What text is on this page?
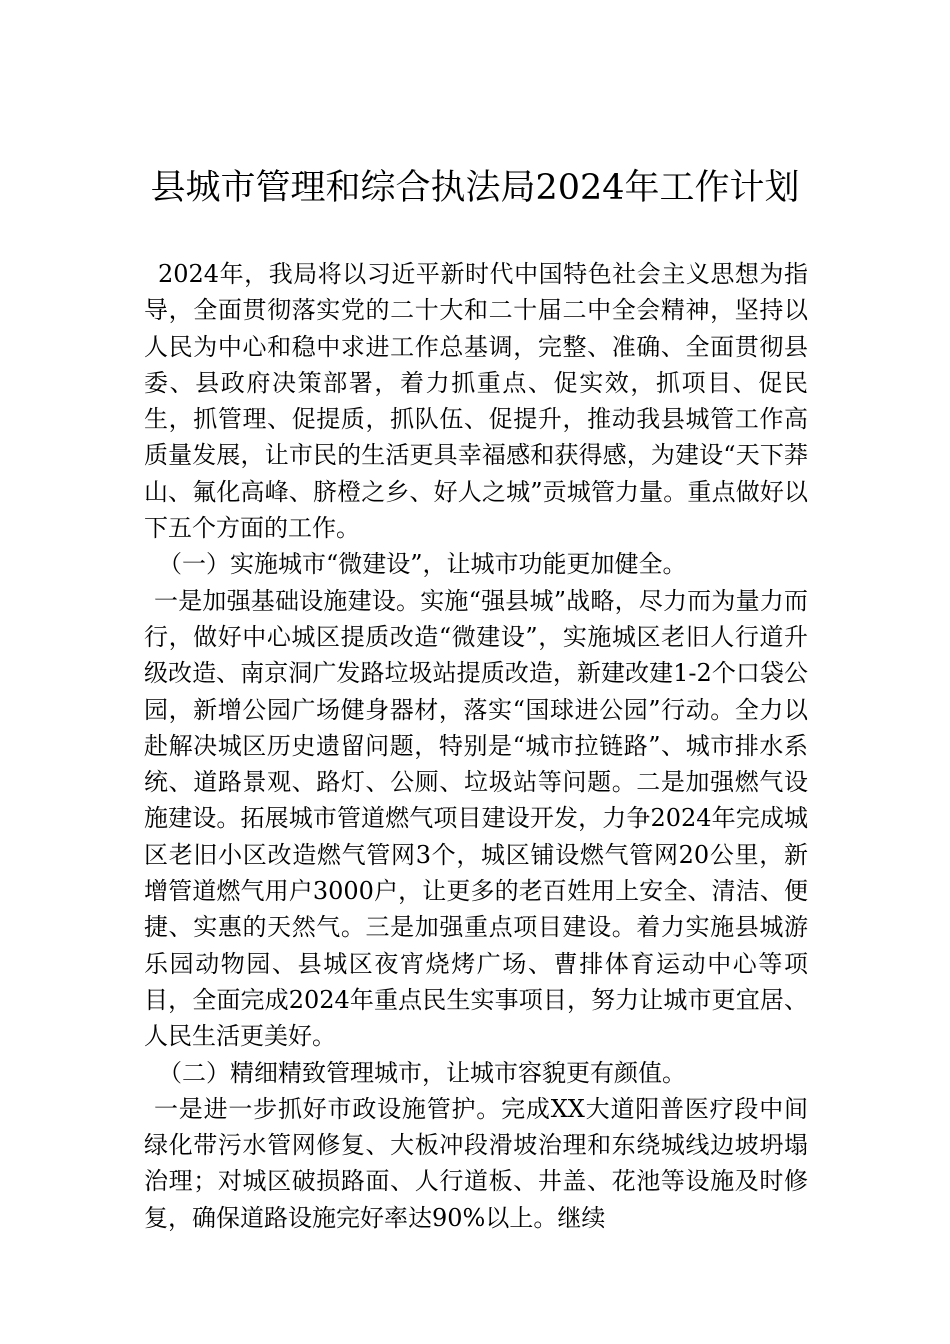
县城市管理和综合执法局2024年工作计划

2024年，我局将以习近平新时代中国特色社会主义思想为指导，全面贯彻落实党的二十大和二十届二中全会精神，坚持以人民为中心和稳中求进工作总基调，完整、准确、全面贯彻县委、县政府决策部署，着力抓重点、促实效，抓项目、促民生，抓管理、促提质，抓队伍、促提升，推动我县城管工作高质量发展，让市民的生活更具幸福感和获得感，为建设“天下莽山、氟化高峰、脐橙之乡、好人之城”贡城管力量。重点做好以下五个方面的工作。

（一）实施城市“微建设”，让城市功能更加健全。

一是加强基础设施建设。实施“强县城”战略，尽力而为量力而行，做好中心城区提质改造“微建设”，实施城区老旧人行道升级改造、南京洞广发路垃圾站提质改造，新建改建1-2个口袋公园，新增公园广场健身器材，落实“国球进公园”行动。全力以赴解决城区历史遗留问题，特别是“城市拉链路”、城市排水系统、道路景观、路灯、公厕、垃圾站等问题。二是加强燃气设施建设。拓展城市管道燃气项目建设开发，力争2024年完成城区老旧小区改造燃气管网3个，城区铺设燃气管网20公里，新增管道燃气用户3000户，让更多的老百姓用上安全、清洁、便捷、实惠的天然气。三是加强重点项目建设。着力实施县城游乐园动物园、县城区夜宵烧烤广场、曹排体育运动中心等项目，全面完成2024年重点民生实事项目，努力让城市更宜居、人民生活更美好。

（二）精细精致管理城市，让城市容貌更有颜值。

一是进一步抓好市政设施管护。完成XX大道阳普医疗段中间绿化带污水管网修复、大板冲段滑坡治理和东绕城线边坡坍塌治理；对城区破损路面、人行道板、井盖、花池等设施及时修复，确保道路设施完好率达90%以上。继续
